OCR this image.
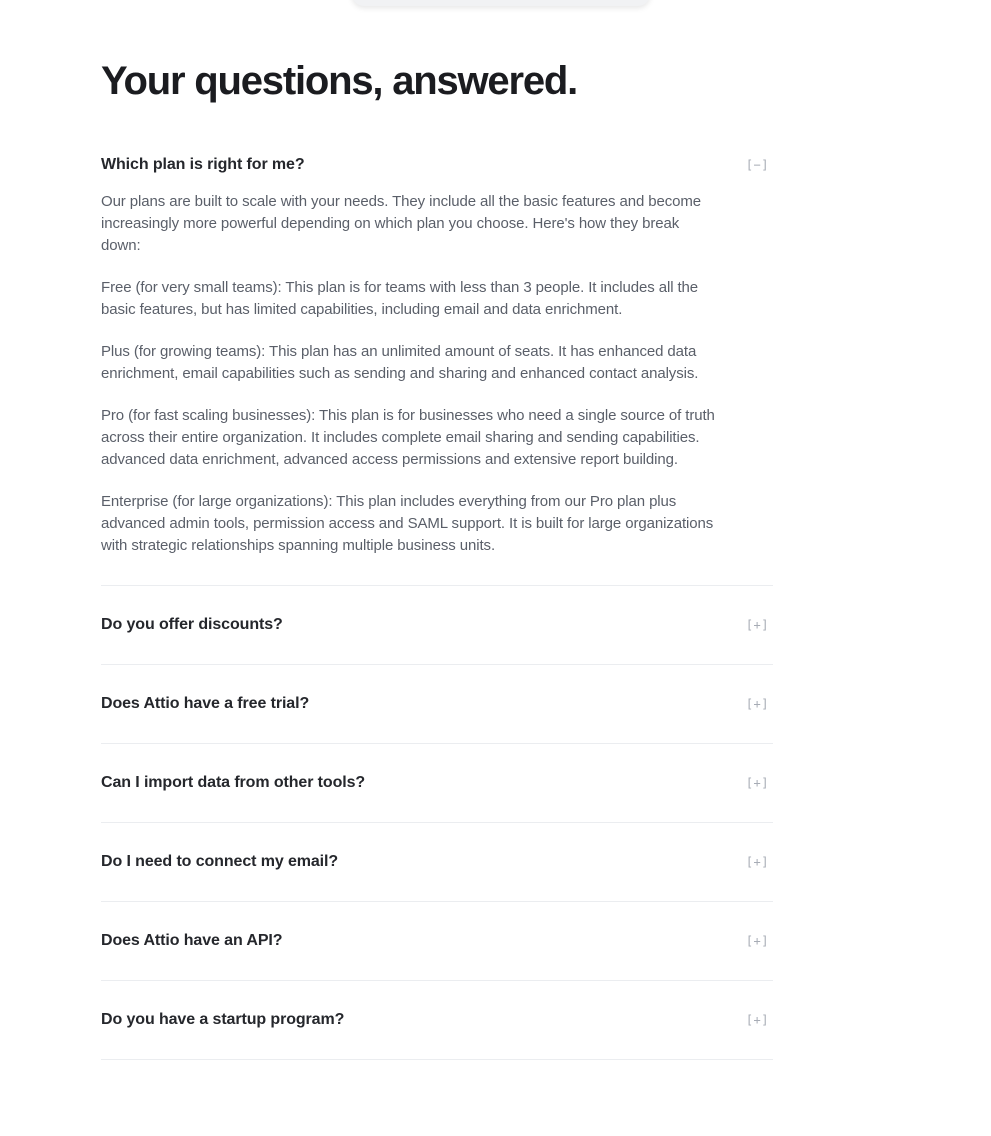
Your questions, answered.
Which plan is right for me?	[−]

Our plans are built to scale with your needs. They include all the basic features and become increasingly more powerful depending on which plan you choose. Here's how they break down:

Free (for very small teams): This plan is for teams with less than 3 people. It includes all the basic features, but has limited capabilities, including email and data enrichment.

Plus (for growing teams): This plan has an unlimited amount of seats. It has enhanced data enrichment, email capabilities such as sending and sharing and enhanced contact analysis.

Pro (for fast scaling businesses): This plan is for businesses who need a single source of truth across their entire organization. It includes complete email sharing and sending capabilities. advanced data enrichment, advanced access permissions and extensive report building.

Enterprise (for large organizations): This plan includes everything from our Pro plan plus advanced admin tools, permission access and SAML support. It is built for large organizations with strategic relationships spanning multiple business units.

Do you offer discounts?	[+]
Does Attio have a free trial?	[+]
Can I import data from other tools?	[+]
Do I need to connect my email?	[+]
Does Attio have an API?	[+]
Do you have a startup program?	[+]
